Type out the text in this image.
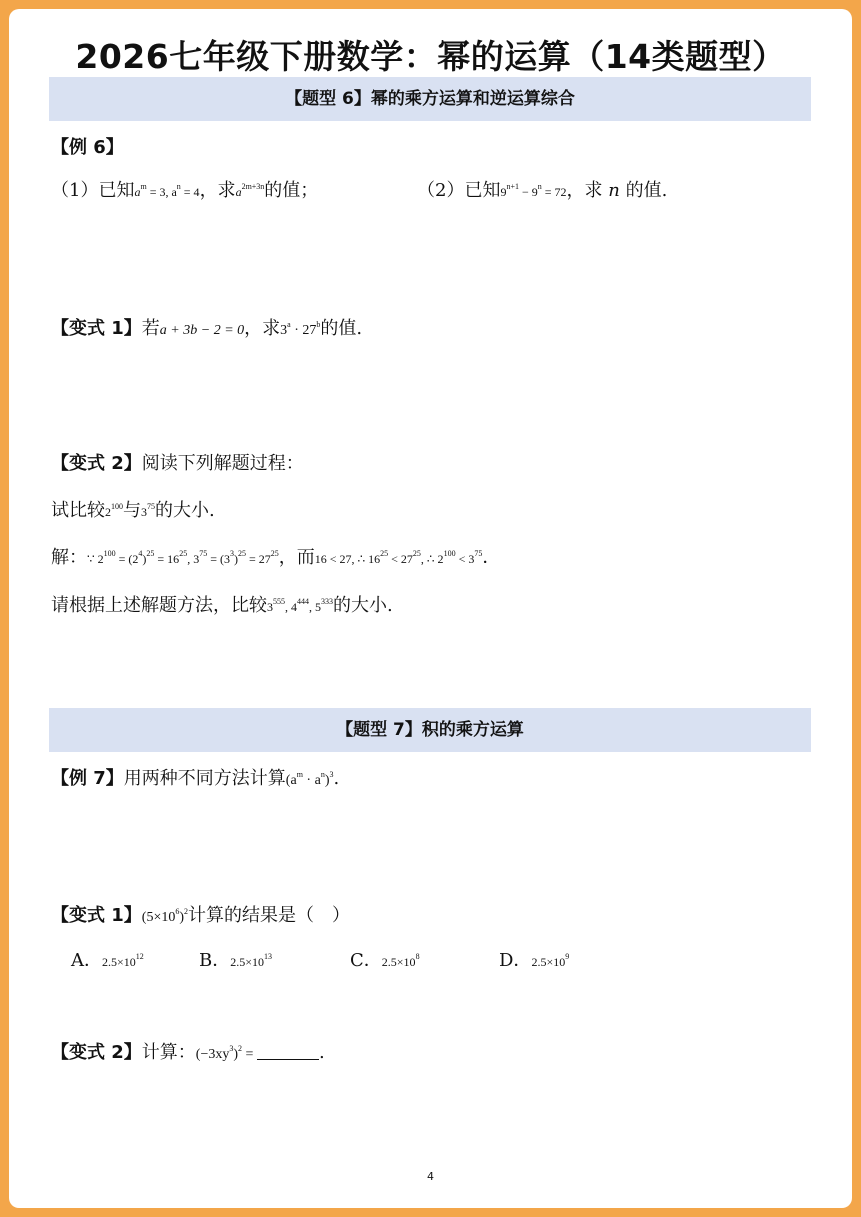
2026七年级下册数学：幂的运算（14类题型）
【题型 6】幂的乘方运算和逆运算综合
【例 6】
（1）已知$a^m = 3$, $a^n = 4$，求$a^{2m+3n}$的值；	（2）已知$9^{n+1} - 9^n = 72$，求 n 的值.
【变式 1】若a + 3b − 2 = 0，求$3^a \cdot 27^b$的值.
【变式 2】阅读下列解题过程：
试比较$2^{100}$与$3^{75}$的大小.
解：∵ $2^{100} = (2^4)^{25} = 16^{25}$, $3^{75} = (3^3)^{25} = 27^{25}$，而16 < 27, ∴ $16^{25} < 27^{25}$, ∴ $2^{100} < 3^{75}$．
请根据上述解题方法，比较$3^{555}$, $4^{444}$, $5^{333}$的大小.
【题型 7】积的乘方运算
【例 7】用两种不同方法计算$(a^m \cdot a^n)^3$.
【变式 1】$(5\times 10^6)^2$计算的结果是（　）
A．$2.5\times 10^{12}$	B．$2.5\times 10^{13}$	C．$2.5\times 10^8$	D．$2.5\times 10^9$
【变式 2】计算：$(-3xy^3)^2$ =	.
4
